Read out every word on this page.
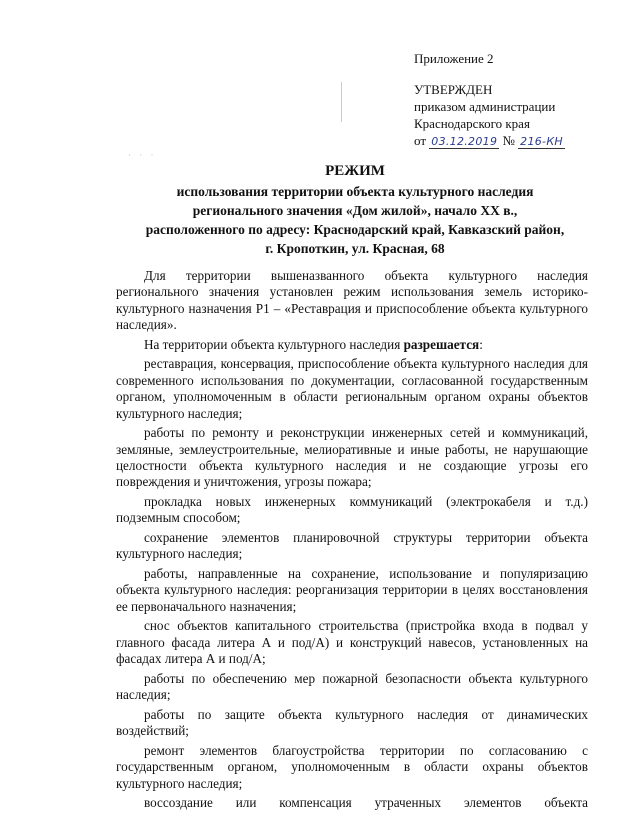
Приложение 2
УТВЕРЖДЕН
приказом администрации
Краснодарского края
от 03.12.2019 № 216-КН
· · ·
РЕЖИМ
использования территории объекта культурного наследия
регионального значения «Дом жилой», начало XX в.,
расположенного по адресу: Краснодарский край, Кавказский район,
г. Кропоткин, ул. Красная, 68

Для территории вышеназванного объекта культурного наследия регионального значения установлен режим использования земель историко-культурного назначения Р1 – «Реставрация и приспособление объекта культурного наследия».

На территории объекта культурного наследия разрешается:

реставрация, консервация, приспособление объекта культурного наследия для современного использования по документации, согласованной государственным органом, уполномоченным в области региональным органом охраны объектов культурного наследия;

работы по ремонту и реконструкции инженерных сетей и коммуникаций, земляные, землеустроительные, мелиоративные и иные работы, не нарушающие целостности объекта культурного наследия и не создающие угрозы его повреждения и уничтожения, угрозы пожара;

прокладка новых инженерных коммуникаций (электрокабеля и т.д.) подземным способом;

сохранение элементов планировочной структуры территории объекта культурного наследия;

работы, направленные на сохранение, использование и популяризацию объекта культурного наследия: реорганизация территории в целях восстановления ее первоначального назначения;

снос объектов капитального строительства (пристройка входа в подвал у главного фасада литера А и под/А) и конструкций навесов, установленных на фасадах литера А и под/А;

работы по обеспечению мер пожарной безопасности объекта культурного наследия;

работы по защите объекта культурного наследия от динамических воздействий;

ремонт элементов благоустройства территории по согласованию с государственным органом, уполномоченным в области охраны объектов культурного наследия;

воссоздание или компенсация утраченных элементов объекта
